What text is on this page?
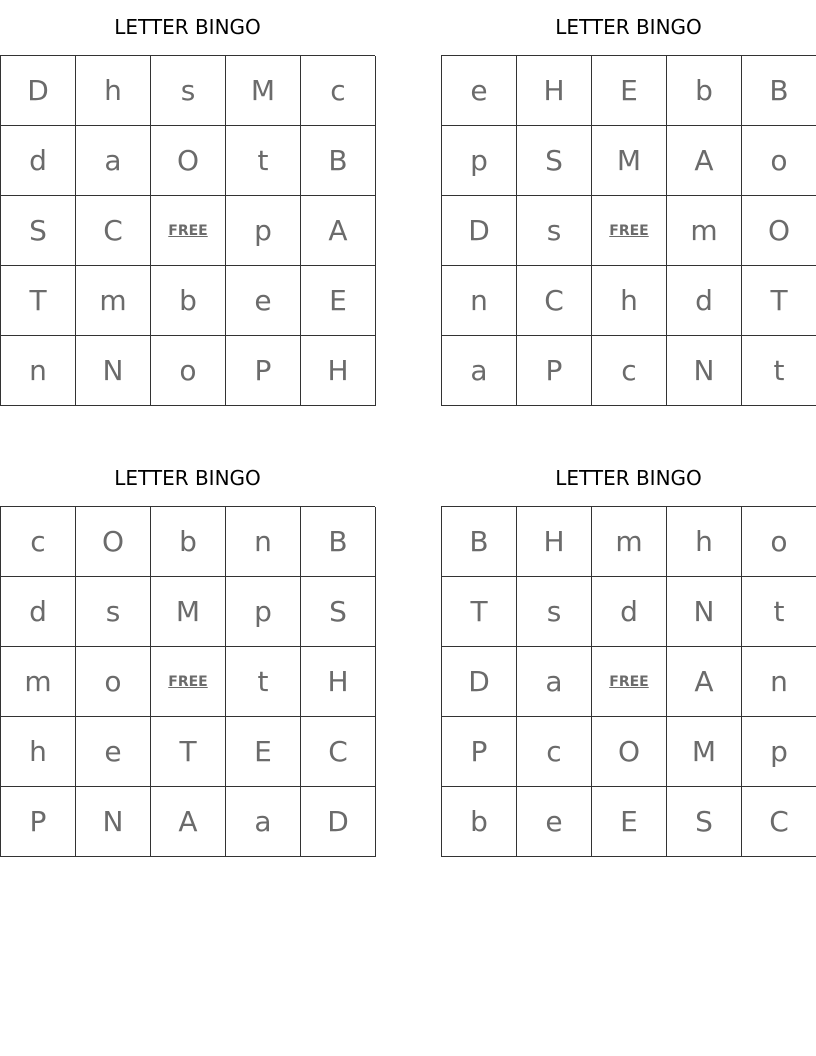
LETTER BINGO
D	h	s	M	c
d	a	O	t	B
S	C	FREE	p	A
T	m	b	e	E
n	N	o	P	H
LETTER BINGO
e	H	E	b	B
p	S	M	A	o
D	s	FREE	m	O
n	C	h	d	T
a	P	c	N	t
LETTER BINGO
c	O	b	n	B
d	s	M	p	S
m	o	FREE	t	H
h	e	T	E	C
P	N	A	a	D
LETTER BINGO
B	H	m	h	o
T	s	d	N	t
D	a	FREE	A	n
P	c	O	M	p
b	e	E	S	C
